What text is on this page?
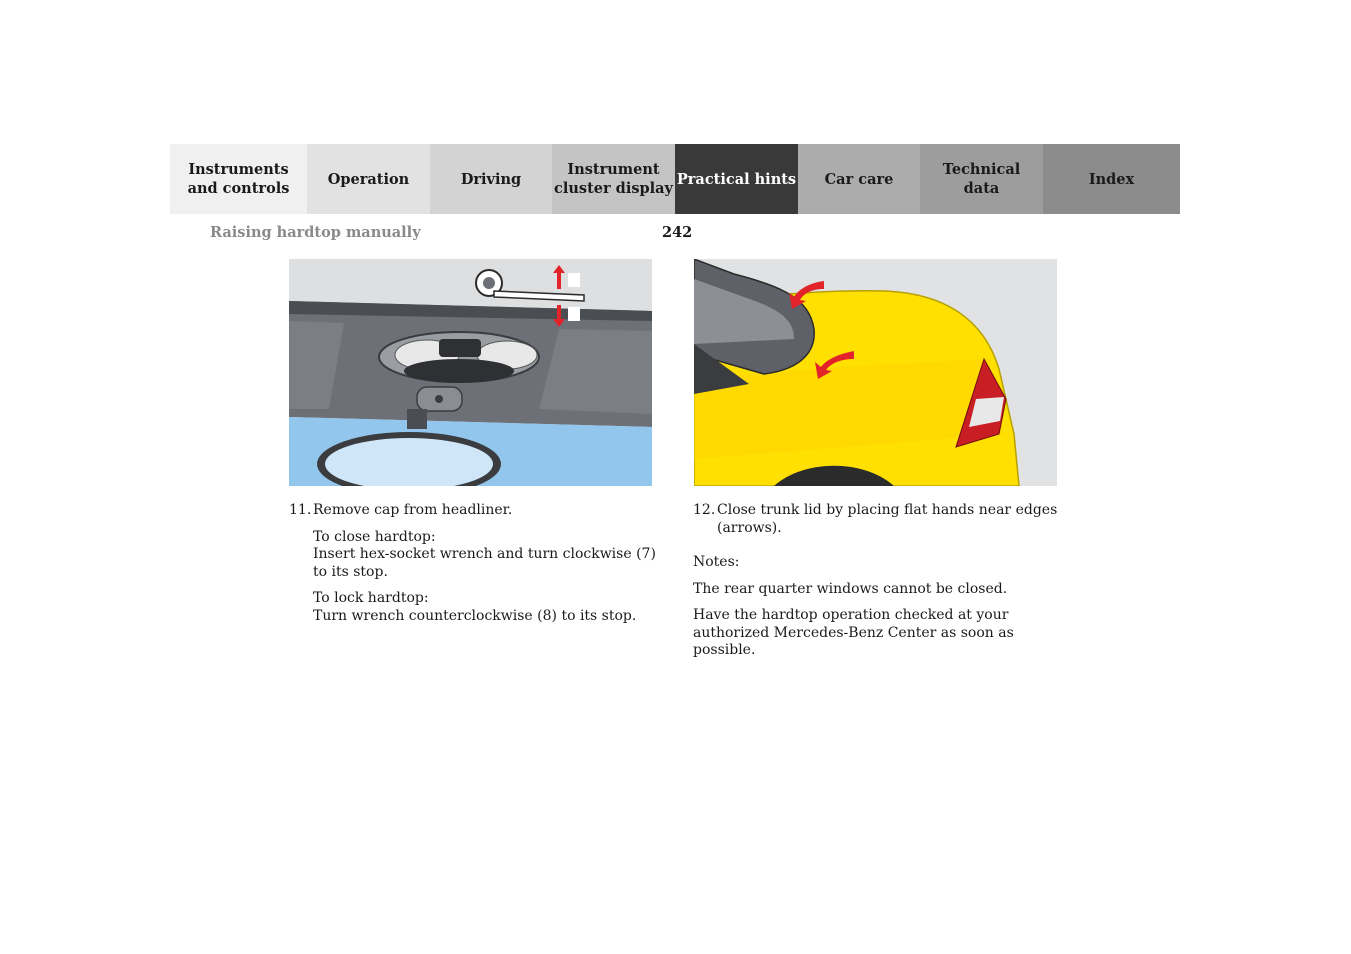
Instruments
and controls
Operation	Driving
Instrument
cluster display
Practical hints Car care
Technical
data
Index
Raising hardtop manually	242
11. Remove cap from headliner.
To close hardtop:
Insert hex-socket wrench and turn clockwise (7) to its stop.
To lock hardtop:
Turn wrench counterclockwise (8) to its stop.
12. Close trunk lid by placing flat hands near edges (arrows).
Notes:
The rear quarter windows cannot be closed.
Have the hardtop operation checked at your authorized Mercedes-Benz Center as soon as possible.
